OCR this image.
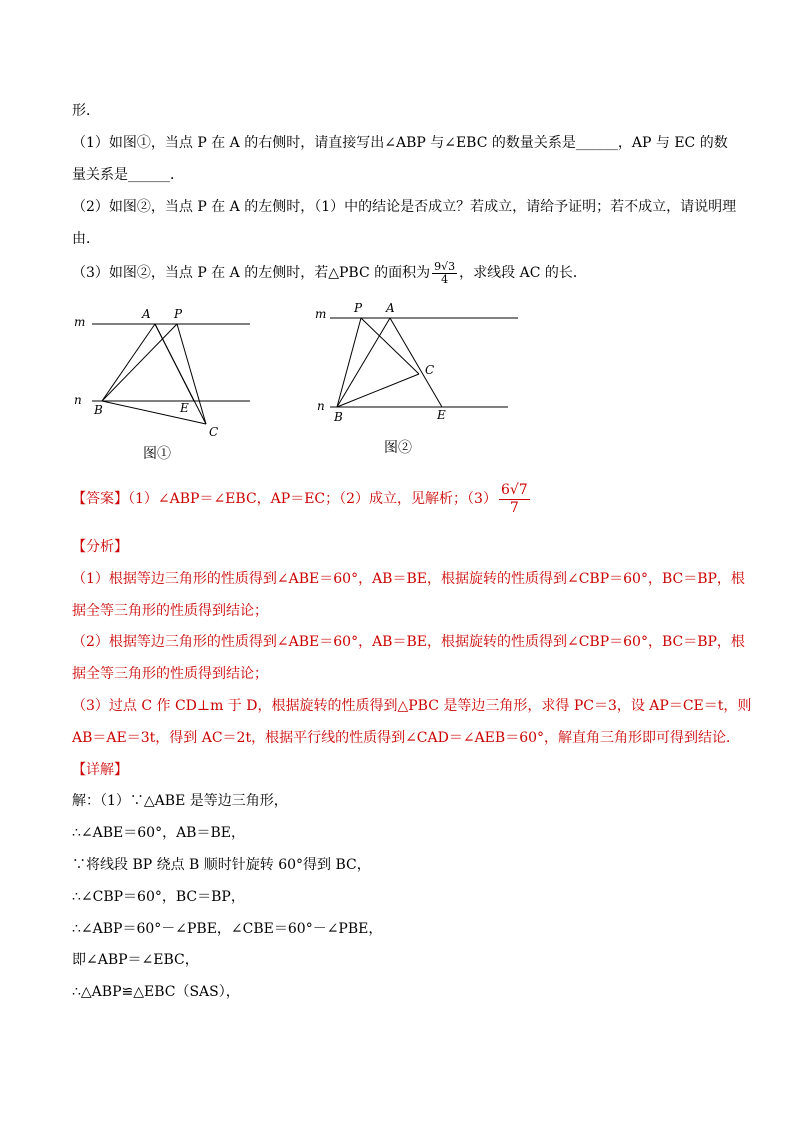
形．
（1）如图①，当点 P 在 A 的右侧时，请直接写出∠ABP 与∠EBC 的数量关系是______，AP 与 EC 的数
量关系是______．
（2）如图②，当点 P 在 A 的左侧时，（1）中的结论是否成立？若成立，请给予证明；若不成立，请说明理
由．
（3）如图②，当点 P 在 A 的左侧时，若△PBC 的面积为 $\frac{9√3}{4}$ ，求线段 AC 的长．
m
n
A P
B	E
C
图①
m
n
P A
B	E
C
图②
【答案】（1）∠ABP＝∠EBC，AP＝EC；（2）成立，见解析；$(3) \frac{6√7}{7}$
【分析】
（1）根据等边三角形的性质得到∠ABE＝60°，AB＝BE，根据旋转的性质得到∠CBP＝60°，BC＝BP，根
据全等三角形的性质得到结论；
（2）根据等边三角形的性质得到∠ABE＝60°，AB＝BE，根据旋转的性质得到∠CBP＝60°，BC＝BP，根
据全等三角形的性质得到结论；
（3）过点 C 作 CD⊥m 于 D，根据旋转的性质得到△PBC 是等边三角形，求得 PC＝3，设 AP＝CE＝t，则
AB＝AE＝3t，得到 AC＝2t，根据平行线的性质得到∠CAD＝∠AEB＝60°，解直角三角形即可得到结论．
【详解】
解：（1）∵△ABE 是等边三角形，
∴∠ABE＝60°，AB＝BE，
∵将线段 BP 绕点 B 顺时针旋转 60°得到 BC，
∴∠CBP＝60°，BC＝BP，
∴∠ABP＝60°－∠PBE，∠CBE＝60°－∠PBE，
即∠ABP＝∠EBC，
∴△ABP≌△EBC（SAS），
